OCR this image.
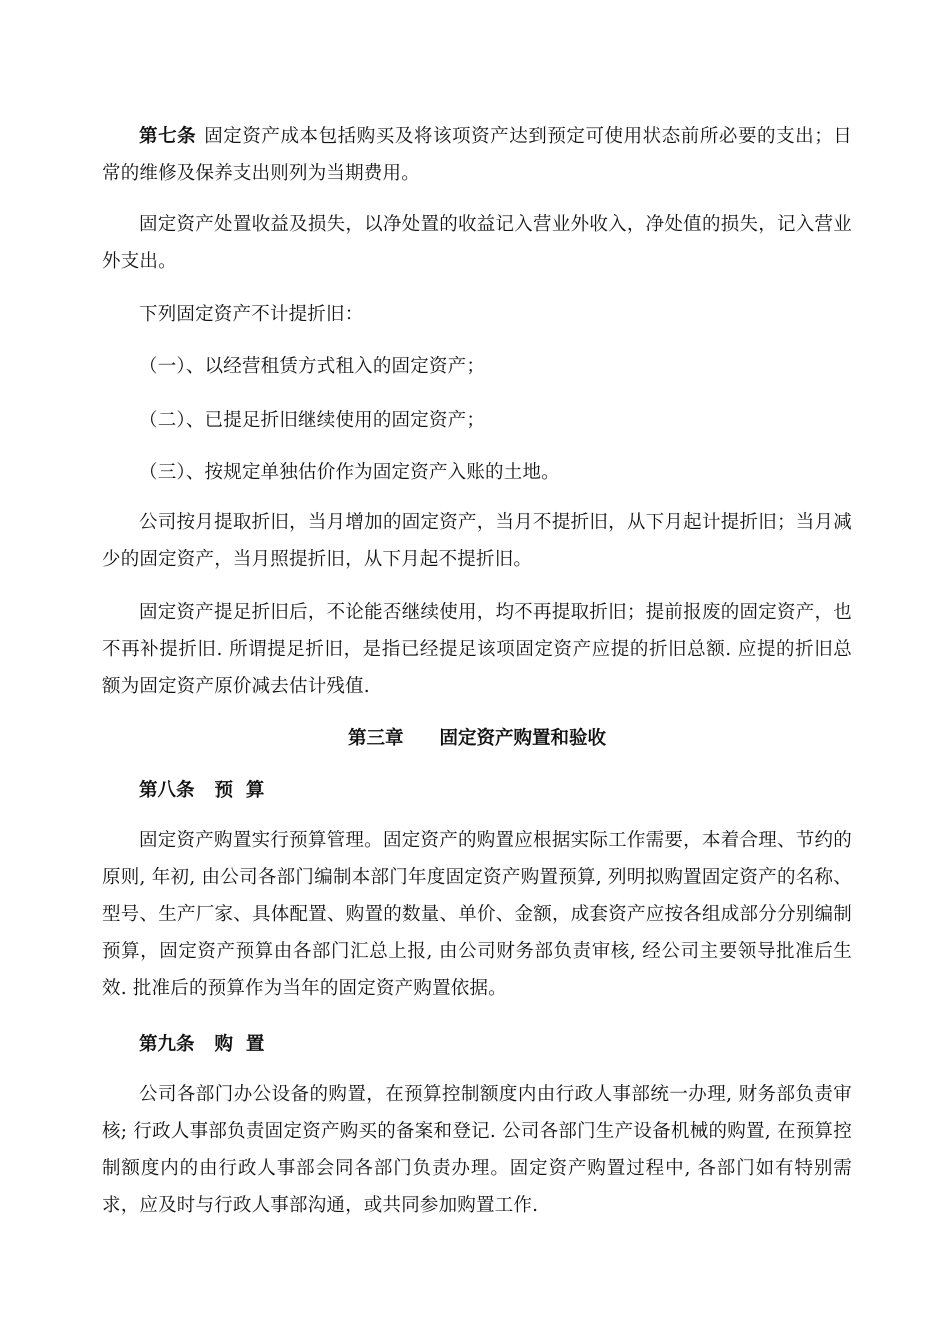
第七条 固定资产成本包括购买及将该项资产达到预定可使用状态前所必要的支出；日常的维修及保养支出则列为当期费用。
固定资产处置收益及损失，以净处置的收益记入营业外收入，净处值的损失，记入营业外支出。
下列固定资产不计提折旧：
（一）、以经营租赁方式租入的固定资产；
（二）、已提足折旧继续使用的固定资产；
（三）、按规定单独估价作为固定资产入账的土地。
公司按月提取折旧，当月增加的固定资产，当月不提折旧，从下月起计提折旧；当月减少的固定资产，当月照提折旧，从下月起不提折旧。
固定资产提足折旧后，不论能否继续使用，均不再提取折旧；提前报废的固定资产，也不再补提折旧. 所谓提足折旧，是指已经提足该项固定资产应提的折旧总额. 应提的折旧总额为固定资产原价减去估计残值.
第三章 固定资产购置和验收
第八条 预  算
固定资产购置实行预算管理。固定资产的购置应根据实际工作需要，本着合理、节约的原则, 年初, 由公司各部门编制本部门年度固定资产购置预算, 列明拟购置固定资产的名称、型号、生产厂家、具体配置、购置的数量、单价、金额，成套资产应按各组成部分分别编制预算，固定资产预算由各部门汇总上报, 由公司财务部负责审核, 经公司主要领导批准后生效. 批准后的预算作为当年的固定资产购置依据。
第九条 购  置
公司各部门办公设备的购置，在预算控制额度内由行政人事部统一办理, 财务部负责审核; 行政人事部负责固定资产购买的备案和登记. 公司各部门生产设备机械的购置, 在预算控制额度内的由行政人事部会同各部门负责办理。固定资产购置过程中, 各部门如有特别需求，应及时与行政人事部沟通，或共同参加购置工作.
